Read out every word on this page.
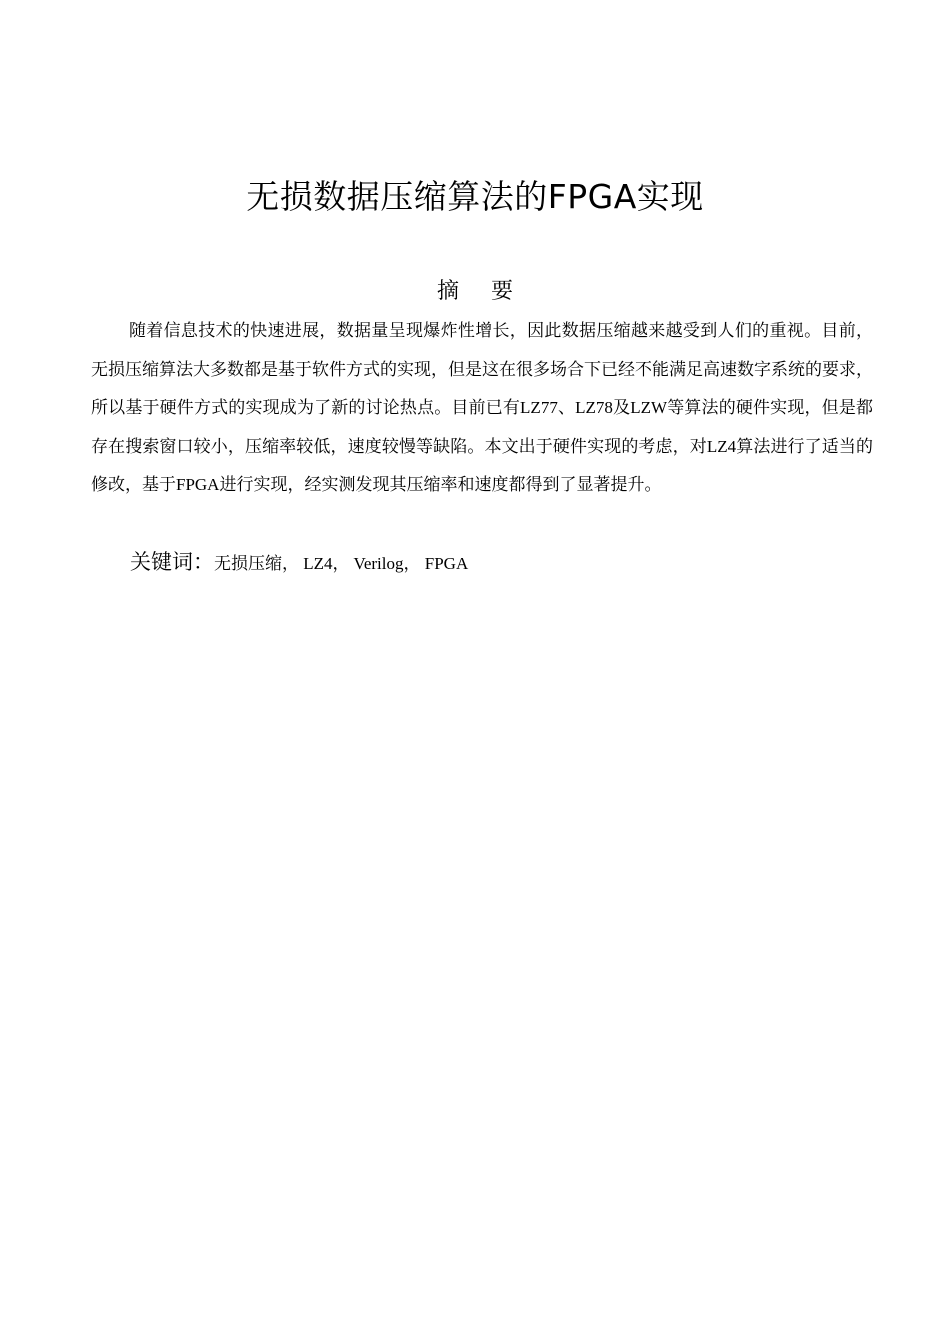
无损数据压缩算法的FPGA实现
摘 要

随着信息技术的快速进展，数据量呈现爆炸性增长，因此数据压缩越来越受到人们的重视。目前，无损压缩算法大多数都是基于软件方式的实现，但是这在很多场合下已经不能满足高速数字系统的要求，所以基于硬件方式的实现成为了新的讨论热点。目前已有LZ77、LZ78及LZW等算法的硬件实现，但是都存在搜索窗口较小，压缩率较低，速度较慢等缺陷。本文出于硬件实现的考虑，对LZ4算法进行了适当的修改，基于FPGA进行实现，经实测发现其压缩率和速度都得到了显著提升。

关键词：无损压缩， LZ4， Verilog， FPGA
